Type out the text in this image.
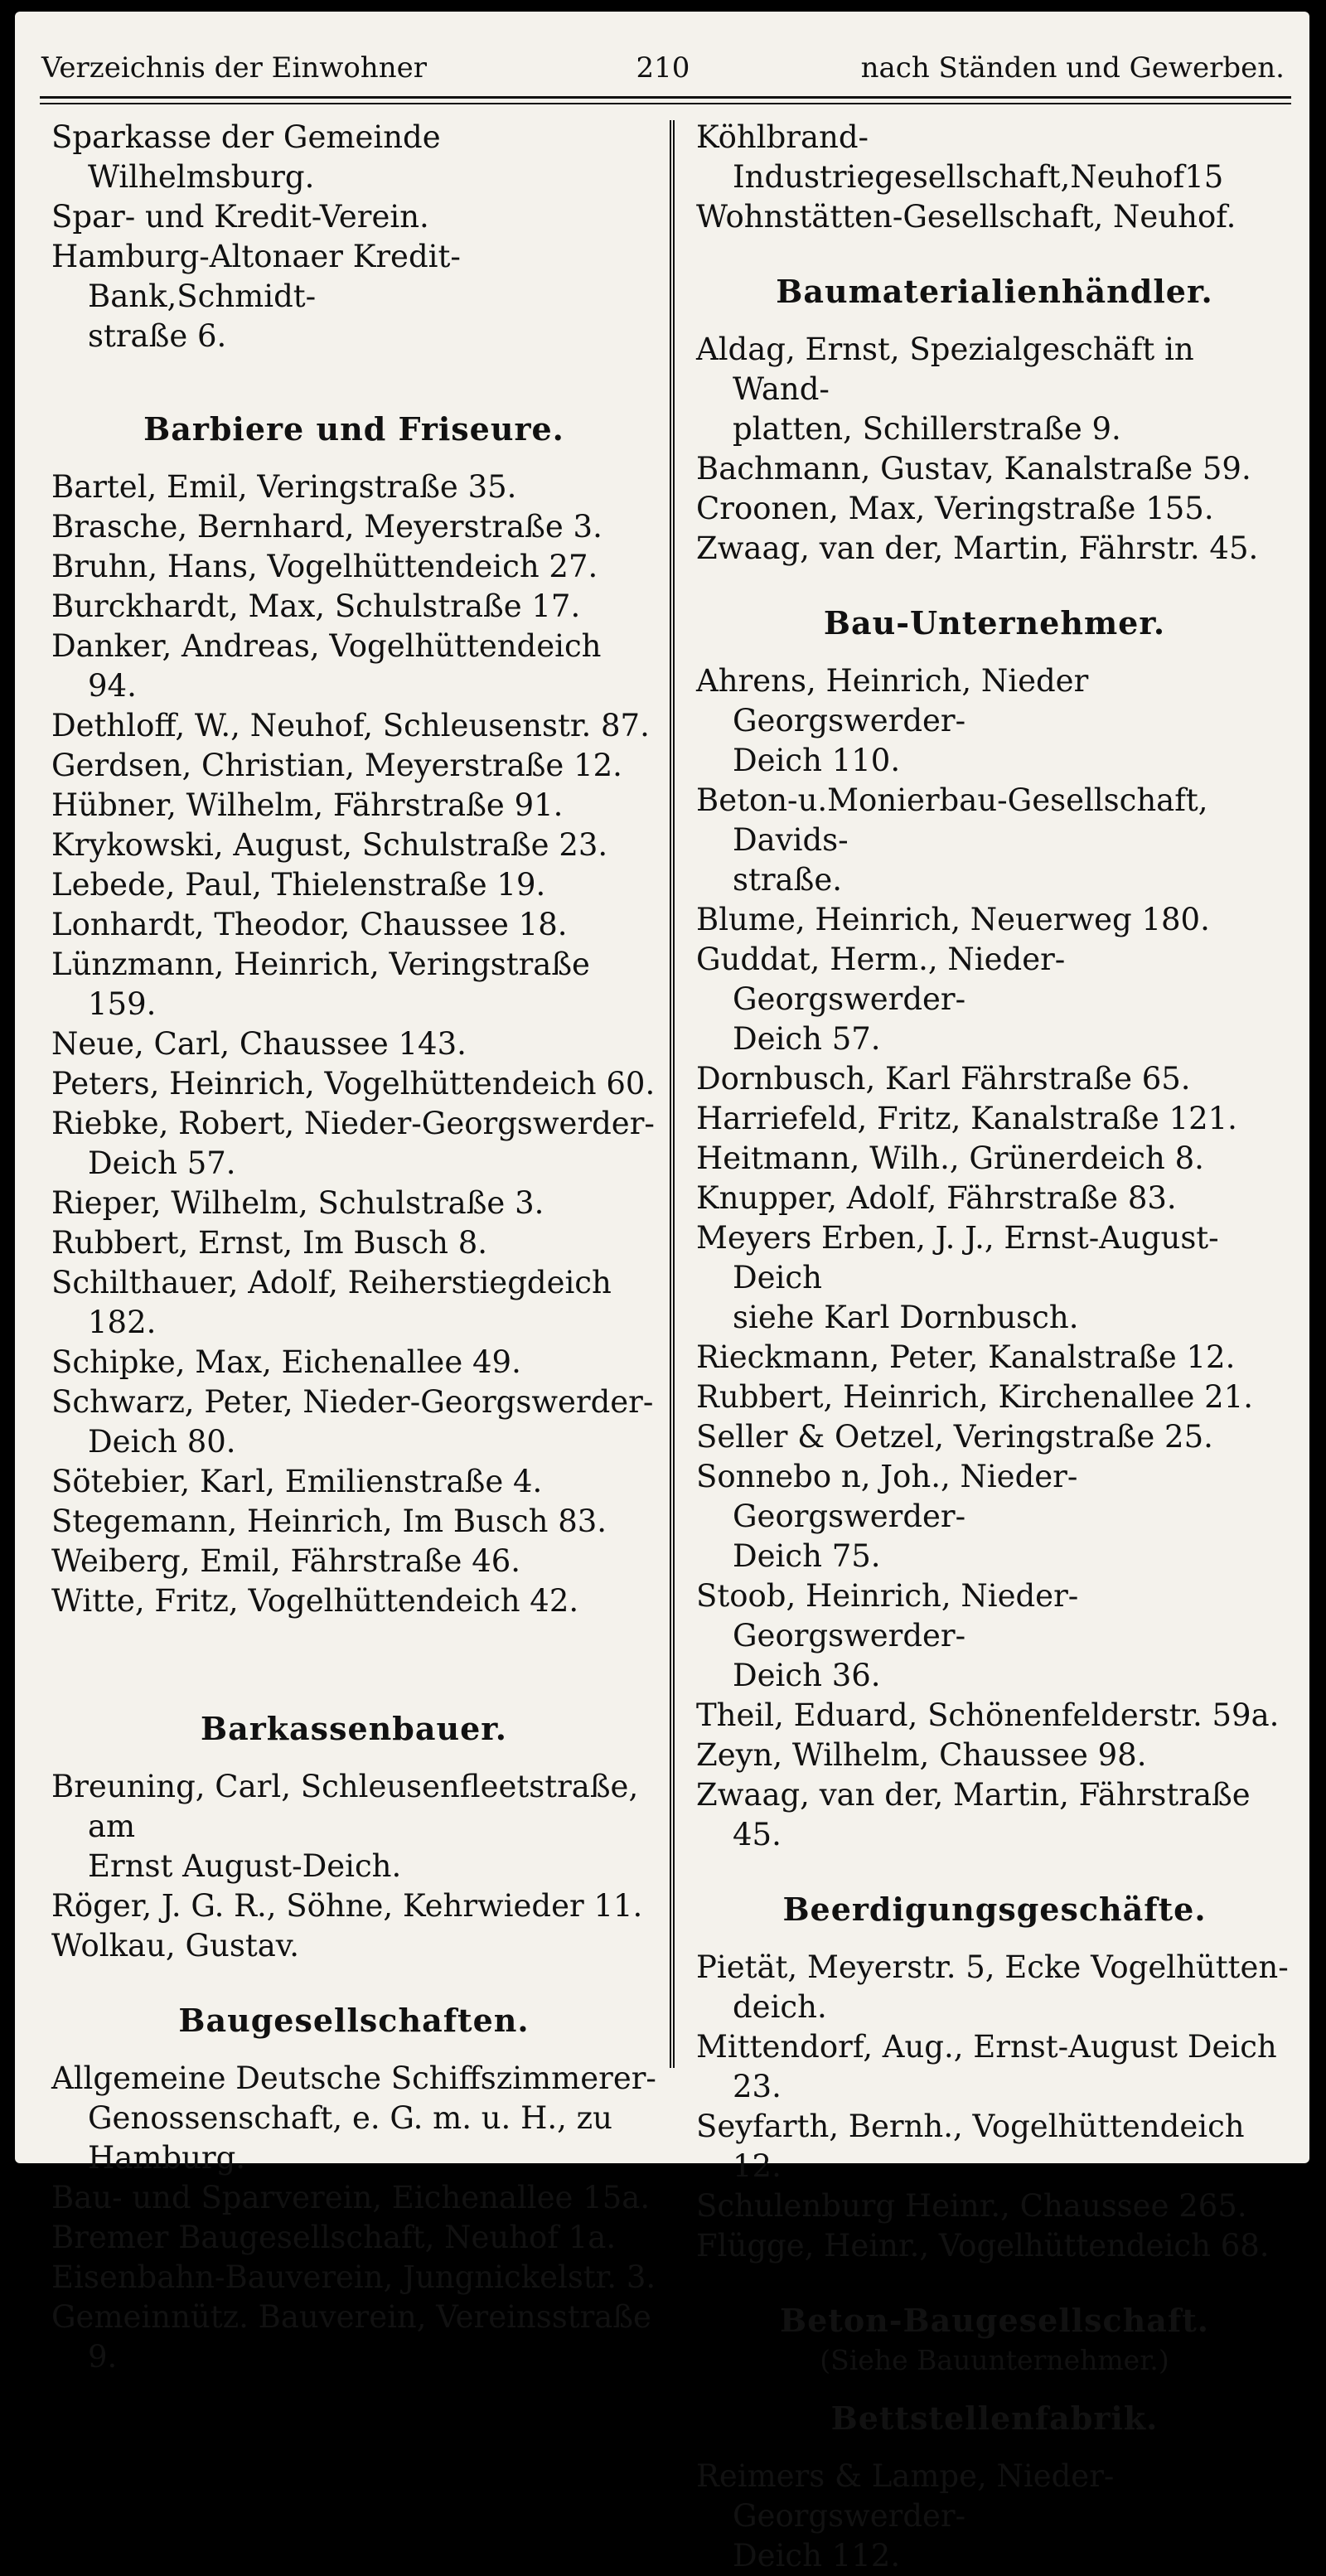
Verzeichnis der Einwohner	210	nach Ständen und Gewerben.
Sparkasse der Gemeinde Wilhelmsburg.
Spar- und Kredit-Verein.
Hamburg-Altonaer Kredit-Bank,Schmidt-
straße 6.
Barbiere und Friseure.
Bartel, Emil, Veringstraße 35.
Brasche, Bernhard, Meyerstraße 3.
Bruhn, Hans, Vogelhüttendeich 27.
Burckhardt, Max, Schulstraße 17.
Danker, Andreas, Vogelhüttendeich 94.
Dethloff, W., Neuhof, Schleusenstr. 87.
Gerdsen, Christian, Meyerstraße 12.
Hübner, Wilhelm, Fährstraße 91.
Krykowski, August, Schulstraße 23.
Lebede, Paul, Thielenstraße 19.
Lonhardt, Theodor, Chaussee 18.
Lünzmann, Heinrich, Veringstraße 159.
Neue, Carl, Chaussee 143.
Peters, Heinrich, Vogelhüttendeich 60.
Riebke, Robert, Nieder-Georgswerder-
Deich 57.
Rieper, Wilhelm, Schulstraße 3.
Rubbert, Ernst, Im Busch 8.
Schilthauer, Adolf, Reiherstiegdeich 182.
Schipke, Max, Eichenallee 49.
Schwarz, Peter, Nieder-Georgswerder-
Deich 80.
Sötebier, Karl, Emilienstraße 4.
Stegemann, Heinrich, Im Busch 83.
Weiberg, Emil, Fährstraße 46.
Witte, Fritz, Vogelhüttendeich 42.
Barkassenbauer.
Breuning, Carl, Schleusenfleetstraße, am
Ernst August-Deich.
Röger, J. G. R., Söhne, Kehrwieder 11.
Wolkau, Gustav.
Baugesellschaften.
Allgemeine Deutsche Schiffszimmerer-
Genossenschaft, e. G. m. u. H., zu
Hamburg.
Bau- und Sparverein, Eichenallee 15a.
Bremer Baugesellschaft, Neuhof 1a.
Eisenbahn-Bauverein, Jungnickelstr. 3.
Gemeinnütz. Bauverein, Vereinsstraße 9.
Köhlbrand-Industriegesellschaft,Neuhof15
Wohnstätten-Gesellschaft, Neuhof.
Baumaterialienhändler.
Aldag, Ernst, Spezialgeschäft in Wand-
platten, Schillerstraße 9.
Bachmann, Gustav, Kanalstraße 59.
Croonen, Max, Veringstraße 155.
Zwaag, van der, Martin, Fährstr. 45.
Bau-Unternehmer.
Ahrens, Heinrich, Nieder Georgswerder-
Deich 110.
Beton-u.Monierbau-Gesellschaft, Davids-
straße.
Blume, Heinrich, Neuerweg 180.
Guddat, Herm., Nieder-Georgswerder-
Deich 57.
Dornbusch, Karl Fährstraße 65.
Harriefeld, Fritz, Kanalstraße 121.
Heitmann, Wilh., Grünerdeich 8.
Knupper, Adolf, Fährstraße 83.
Meyers Erben, J. J., Ernst-August-Deich
siehe Karl Dornbusch.
Rieckmann, Peter, Kanalstraße 12.
Rubbert, Heinrich, Kirchenallee 21.
Seller & Oetzel, Veringstraße 25.
Sonnebo n, Joh., Nieder-Georgswerder-
Deich 75.
Stoob, Heinrich, Nieder-Georgswerder-
Deich 36.
Theil, Eduard, Schönenfelderstr. 59a.
Zeyn, Wilhelm, Chaussee 98.
Zwaag, van der, Martin, Fährstraße 45.
Beerdigungsgeschäfte.
Pietät, Meyerstr. 5, Ecke Vogelhütten-
deich.
Mittendorf, Aug., Ernst-August Deich 23.
Seyfarth, Bernh., Vogelhüttendeich 12.
Schulenburg Heinr., Chaussee 265.
Flügge, Heinr., Vogelhüttendeich 68.
Beton-Baugesellschaft.
(Siehe Bauunternehmer.)
Bettstellenfabrik.
Reimers & Lampe, Nieder-Georgswerder-
Deich 112.
